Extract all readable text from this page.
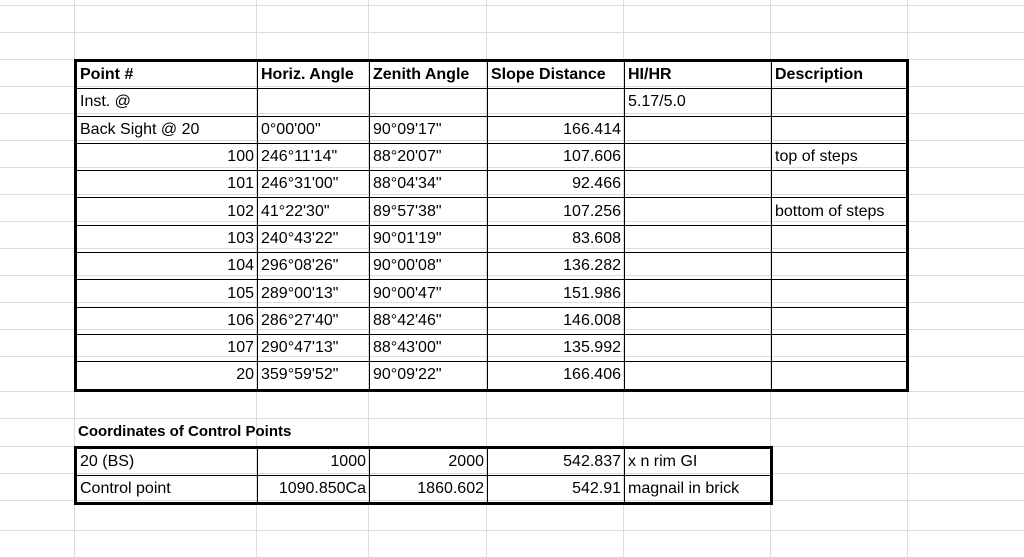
Point #	Horiz. Angle	Zenith Angle	Slope Distance	HI/HR	Description
Inst. @				5.17/5.0	
Back Sight @ 20	0°00'00"	90°09'17"	166.414		
100	246°11'14"	88°20'07"	107.606		top of steps
101	246°31'00"	88°04'34"	92.466		
102	41°22'30"	89°57'38"	107.256		bottom of steps
103	240°43'22"	90°01'19"	83.608		
104	296°08'26"	90°00'08"	136.282		
105	289°00'13"	90°00'47"	151.986		
106	286°27'40"	88°42'46"	146.008		
107	290°47'13"	88°43'00"	135.992		
20	359°59'52"	90°09'22"	166.406		
Coordinates of Control Points
20 (BS)	1000	2000	542.837	x n rim GI
Control point	1090.850Ca	1860.602	542.91	magnail in brick
